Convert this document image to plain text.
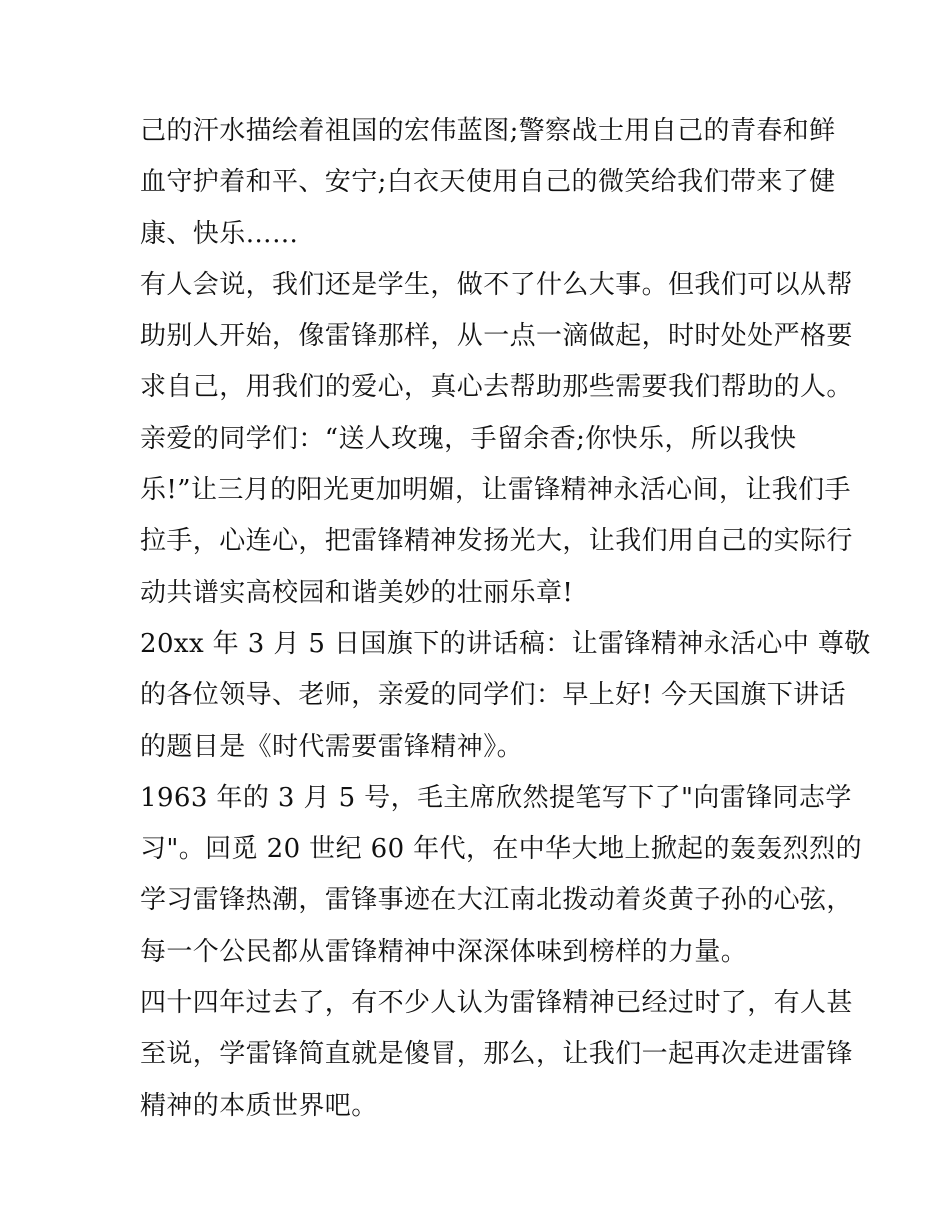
己的汗水描绘着祖国的宏伟蓝图;警察战士用自己的青春和鲜
血守护着和平、安宁;白衣天使用自己的微笑给我们带来了健
康、快乐……
有人会说，我们还是学生，做不了什么大事。但我们可以从帮
助别人开始，像雷锋那样，从一点一滴做起，时时处处严格要
求自己，用我们的爱心，真心去帮助那些需要我们帮助的人。
亲爱的同学们：“送人玫瑰，手留余香;你快乐，所以我快
乐!”让三月的阳光更加明媚，让雷锋精神永活心间，让我们手
拉手，心连心，把雷锋精神发扬光大，让我们用自己的实际行
动共谱实高校园和谐美妙的壮丽乐章!
20xx 年 3 月 5 日国旗下的讲话稿：让雷锋精神永活心中 尊敬
的各位领导、老师，亲爱的同学们：早上好! 今天国旗下讲话
的题目是《时代需要雷锋精神》。
1963 年的 3 月 5 号，毛主席欣然提笔写下了"向雷锋同志学
习"。回觅 20 世纪 60 年代，在中华大地上掀起的轰轰烈烈的
学习雷锋热潮，雷锋事迹在大江南北拨动着炎黄子孙的心弦，
每一个公民都从雷锋精神中深深体味到榜样的力量。
四十四年过去了，有不少人认为雷锋精神已经过时了，有人甚
至说，学雷锋简直就是傻冒，那么，让我们一起再次走进雷锋
精神的本质世界吧。
